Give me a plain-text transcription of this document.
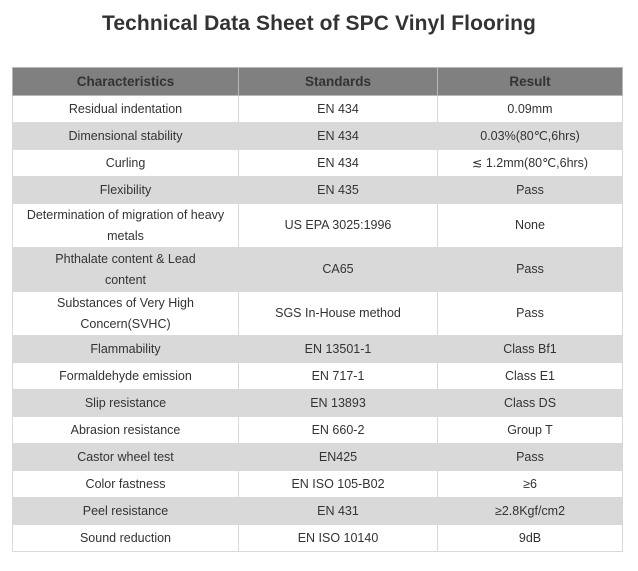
Technical Data Sheet of SPC Vinyl Flooring
Characteristics	Standards	Result
Residual indentation	EN 434	0.09mm
Dimensional stability	EN 434	0.03%(80℃,6hrs)
Curling	EN 434	≲ 1.2mm(80℃,6hrs)
Flexibility	EN 435	Pass
Determination of migration of heavy metals	US EPA 3025:1996	None
Phthalate content & Lead content	CA65	Pass
Substances of Very High Concern(SVHC)	SGS In-House method	Pass
Flammability	EN 13501-1	Class Bf1
Formaldehyde emission	EN 717-1	Class E1
Slip resistance	EN 13893	Class DS
Abrasion resistance	EN 660-2	Group T
Castor wheel test	EN425	Pass
Color fastness	EN ISO 105-B02	≥6
Peel resistance	EN 431	≥2.8Kgf/cm2
Sound reduction	EN ISO 10140	9dB
